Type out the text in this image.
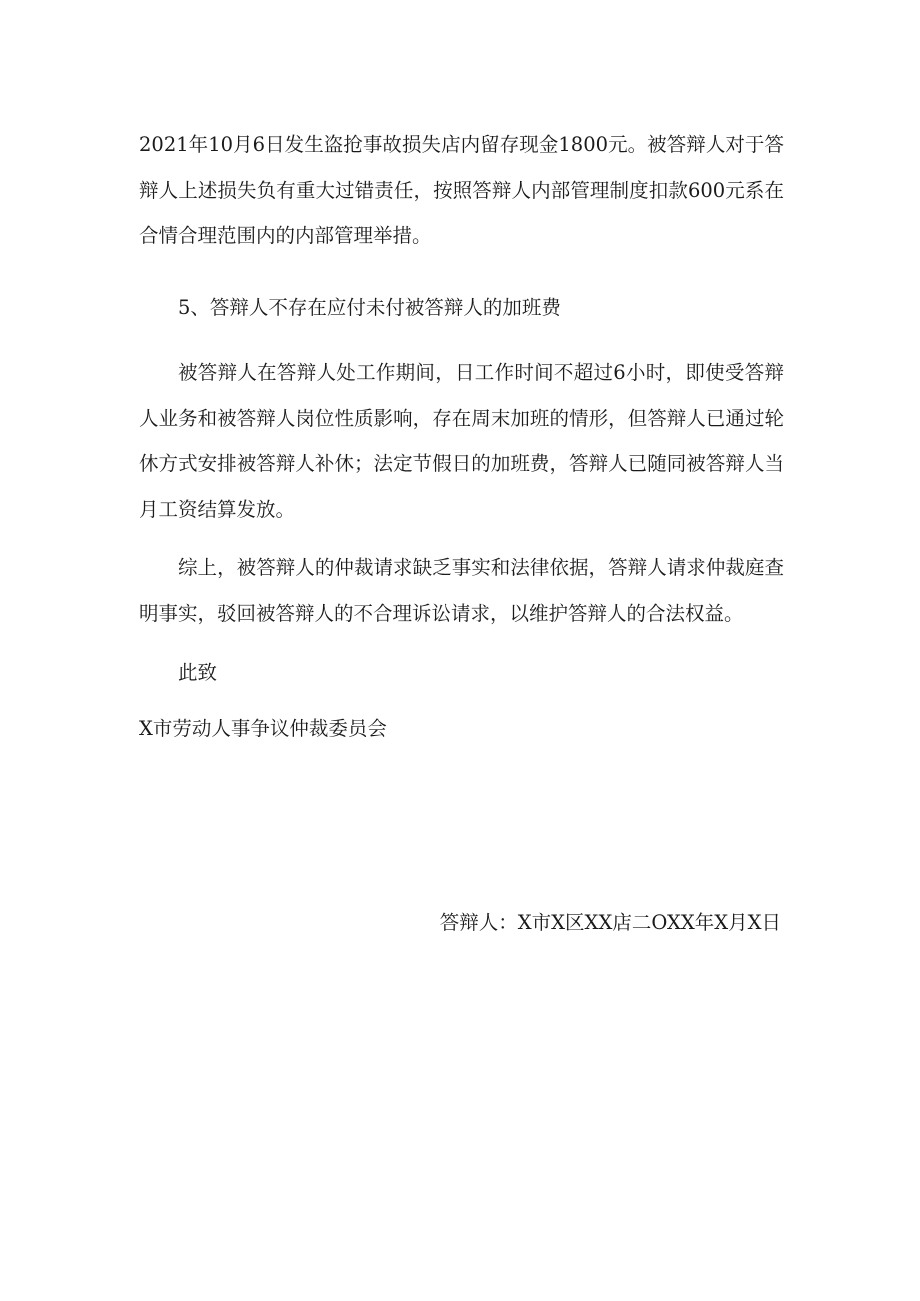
2021年10月6日发生盗抢事故损失店内留存现金1800元。被答辩人对于答辩人上述损失负有重大过错责任，按照答辩人内部管理制度扣款600元系在合情合理范围内的内部管理举措。

5、答辩人不存在应付未付被答辩人的加班费

被答辩人在答辩人处工作期间，日工作时间不超过6小时，即使受答辩人业务和被答辩人岗位性质影响，存在周末加班的情形，但答辩人已通过轮休方式安排被答辩人补休；法定节假日的加班费，答辩人已随同被答辩人当月工资结算发放。

综上，被答辩人的仲裁请求缺乏事实和法律依据，答辩人请求仲裁庭查明事实，驳回被答辩人的不合理诉讼请求，以维护答辩人的合法权益。

此致

X市劳动人事争议仲裁委员会

答辩人：X市X区XX店二OXX年X月X日
